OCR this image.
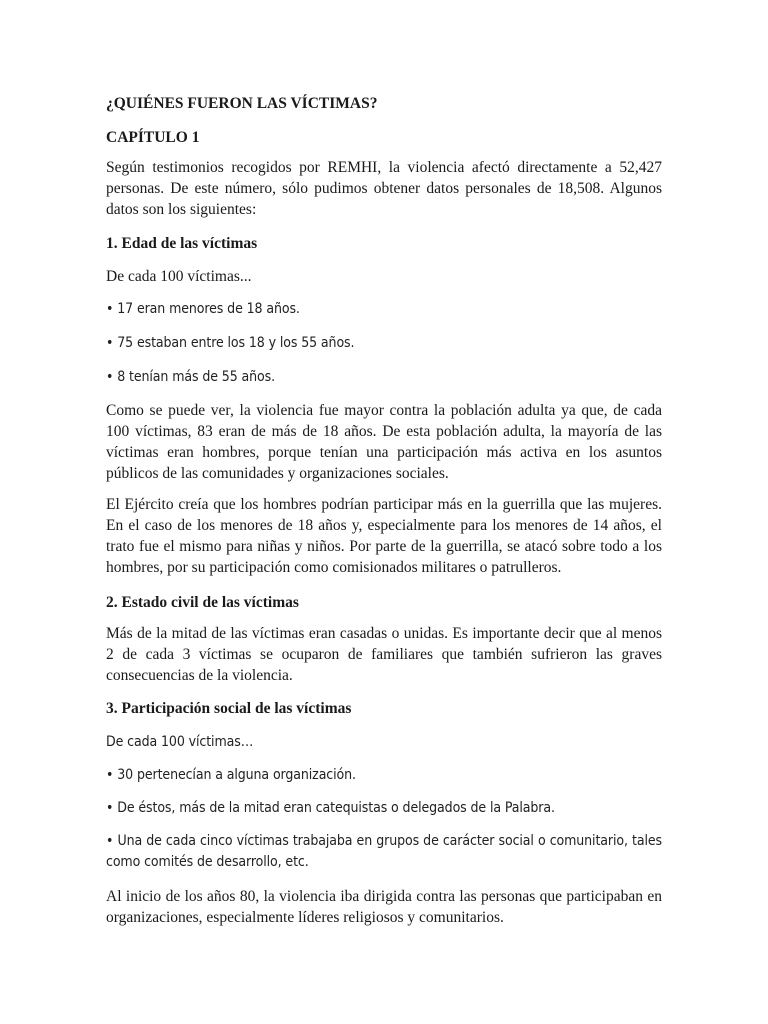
¿QUIÉNES FUERON LAS VÍCTIMAS?

CAPÍTULO 1

Según testimonios recogidos por REMHI, la violencia afectó directamente a 52,427 personas. De este número, sólo pudimos obtener datos personales de 18,508. Algunos datos son los siguientes:

1. Edad de las víctimas

De cada 100 víctimas...

• 17 eran menores de 18 años.

• 75 estaban entre los 18 y los 55 años.

• 8 tenían más de 55 años.

Como se puede ver, la violencia fue mayor contra la población adulta ya que, de cada 100 víctimas, 83 eran de más de 18 años. De esta población adulta, la mayoría de las víctimas eran hombres, porque tenían una participación más activa en los asuntos públicos de las comunidades y organizaciones sociales.

El Ejército creía que los hombres podrían participar más en la guerrilla que las mujeres. En el caso de los menores de 18 años y, especialmente para los menores de 14 años, el trato fue el mismo para niñas y niños. Por parte de la guerrilla, se atacó sobre todo a los hombres, por su participación como comisionados militares o patrulleros.

2. Estado civil de las víctimas

Más de la mitad de las víctimas eran casadas o unidas. Es importante decir que al menos 2 de cada 3 víctimas se ocuparon de familiares que también sufrieron las graves consecuencias de la violencia.

3. Participación social de las víctimas

De cada 100 víctimas…

• 30 pertenecían a alguna organización.

• De éstos, más de la mitad eran catequistas o delegados de la Palabra.

• Una de cada cinco víctimas trabajaba en grupos de carácter social o comunitario, tales como comités de desarrollo, etc.

Al inicio de los años 80, la violencia iba dirigida contra las personas que participaban en organizaciones, especialmente líderes religiosos y comunitarios.
